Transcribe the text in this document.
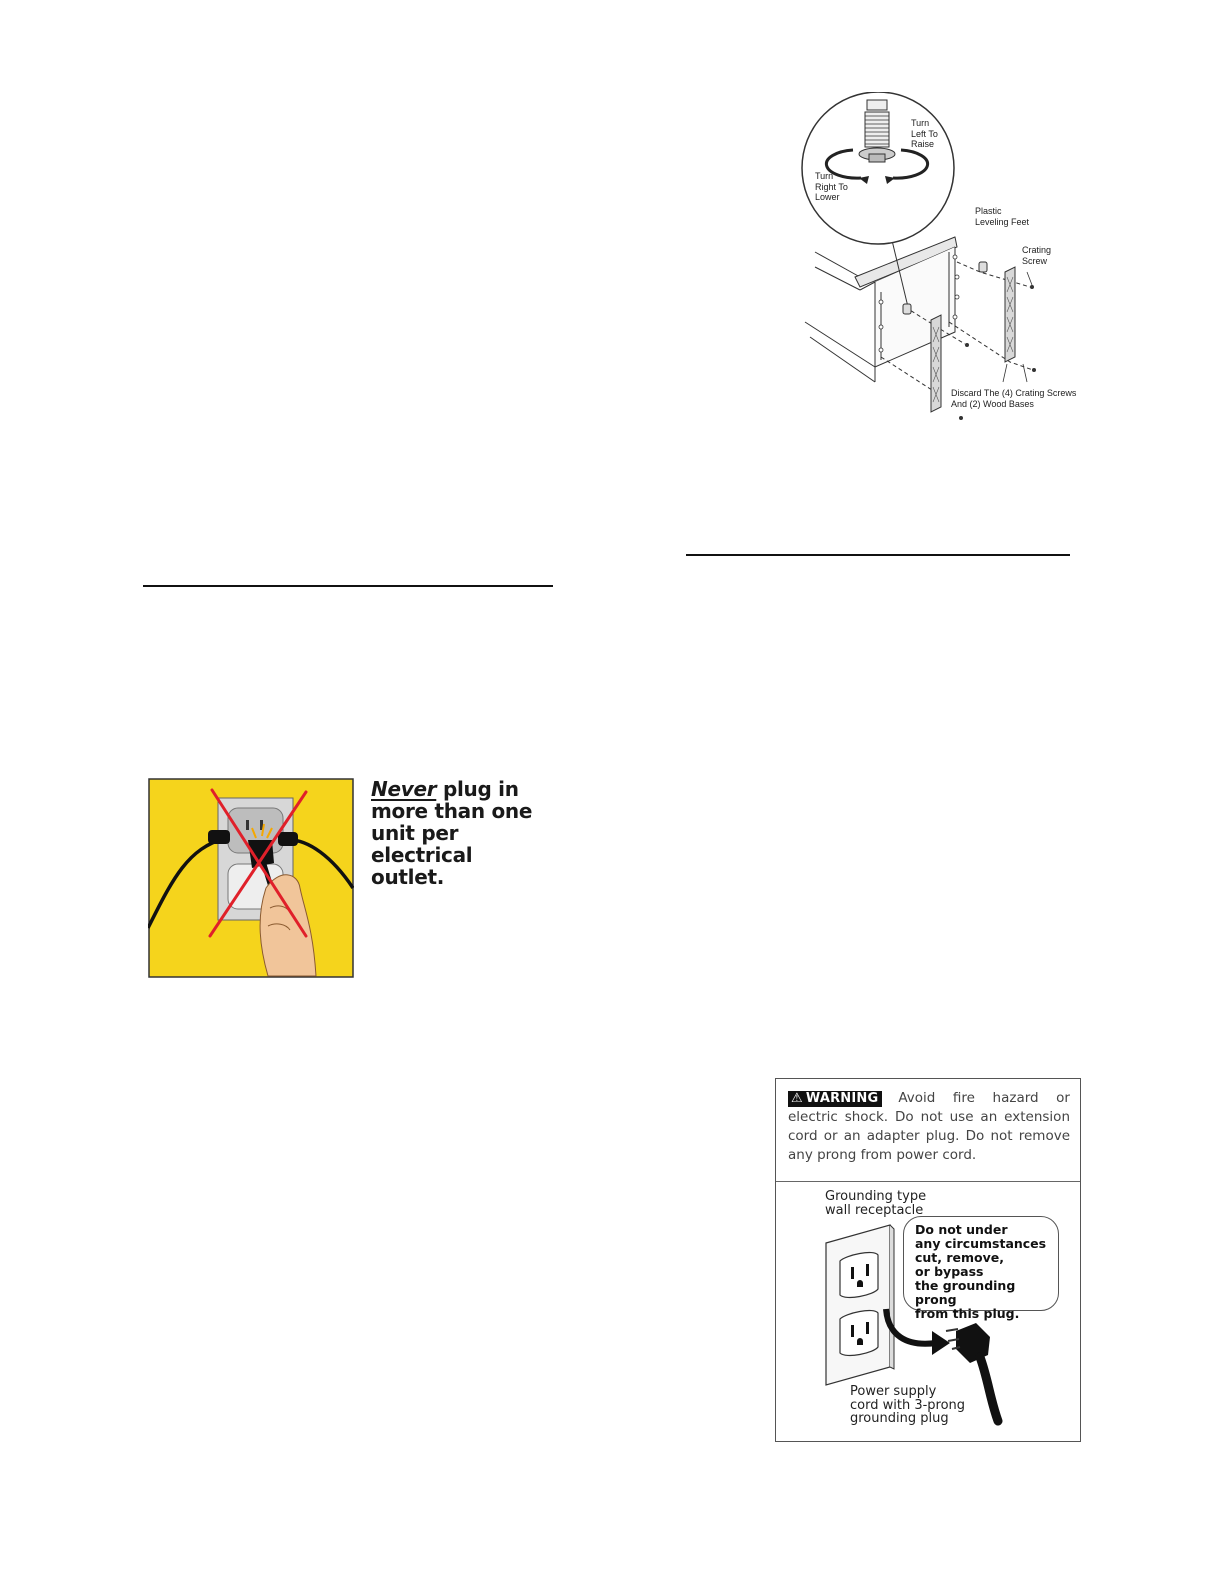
Turn
Left To
Raise
Turn
Right To
Lower
Plastic
Leveling Feet
Crating
Screw
Discard The (4) Crating Screws
And (2) Wood Bases
Never plug in more than one unit per electrical outlet.
⚠ WARNING Avoid fire hazard or electric shock. Do not use an extension cord or an adapter plug. Do not remove any prong from power cord.
Grounding type
wall receptacle
Do not under
any circumstances
cut, remove,
or bypass
the grounding prong
from this plug.
Power supply
cord with 3-prong
grounding plug
